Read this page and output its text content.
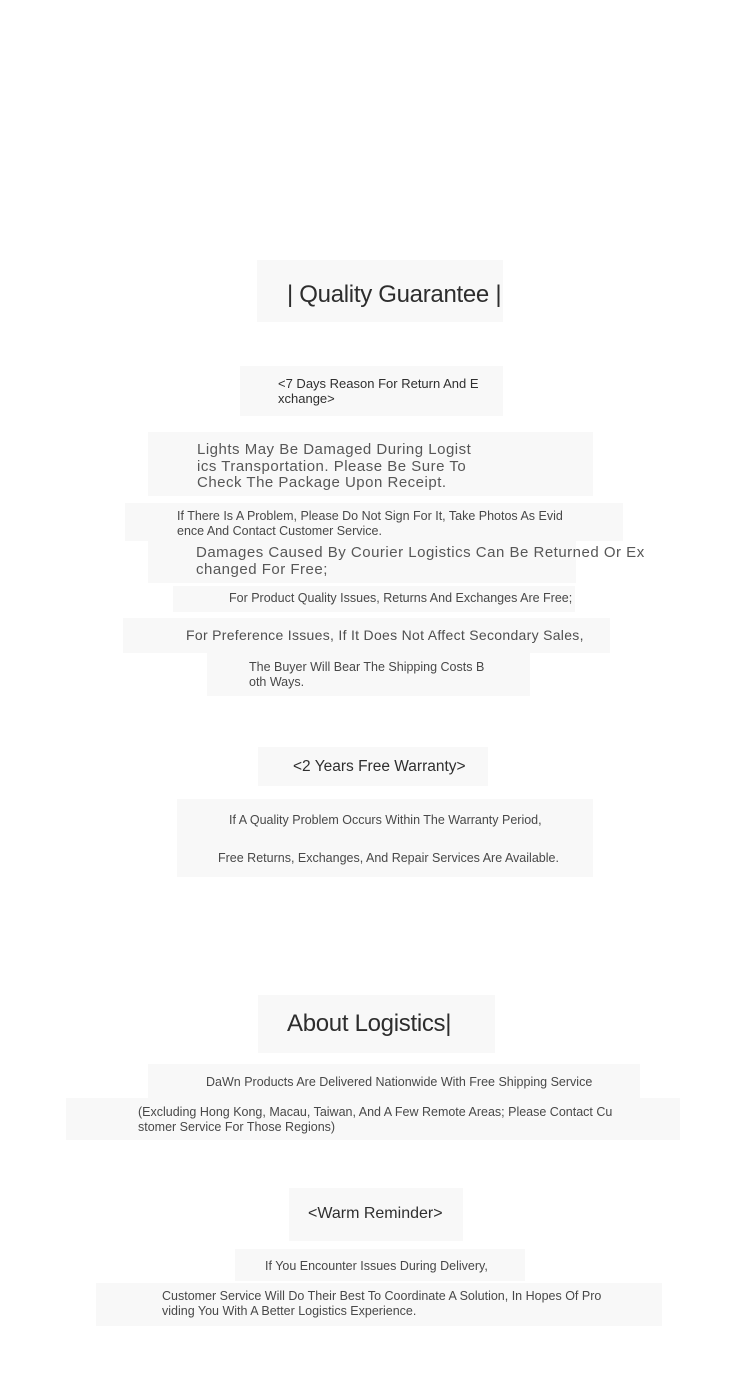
| Quality Guarantee |
<7 Days Reason For Return And E
xchange>
Lights May Be Damaged During Logist
ics Transportation. Please Be Sure To
Check The Package Upon Receipt.
If There Is A Problem, Please Do Not Sign For It, Take Photos As Evid
ence And Contact Customer Service.
Damages Caused By Courier Logistics Can Be Returned Or Ex
changed For Free;
For Product Quality Issues, Returns And Exchanges Are Free;
For Preference Issues, If It Does Not Affect Secondary Sales,
The Buyer Will Bear The Shipping Costs B
oth Ways.
<2 Years Free Warranty>
If A Quality Problem Occurs Within The Warranty Period,
Free Returns, Exchanges, And Repair Services Are Available.
About Logistics|
DaWn Products Are Delivered Nationwide With Free Shipping Service
(Excluding Hong Kong, Macau, Taiwan, And A Few Remote Areas; Please Contact Cu
stomer Service For Those Regions)
<Warm Reminder>
If You Encounter Issues During Delivery,
Customer Service Will Do Their Best To Coordinate A Solution, In Hopes Of Pro
viding You With A Better Logistics Experience.
